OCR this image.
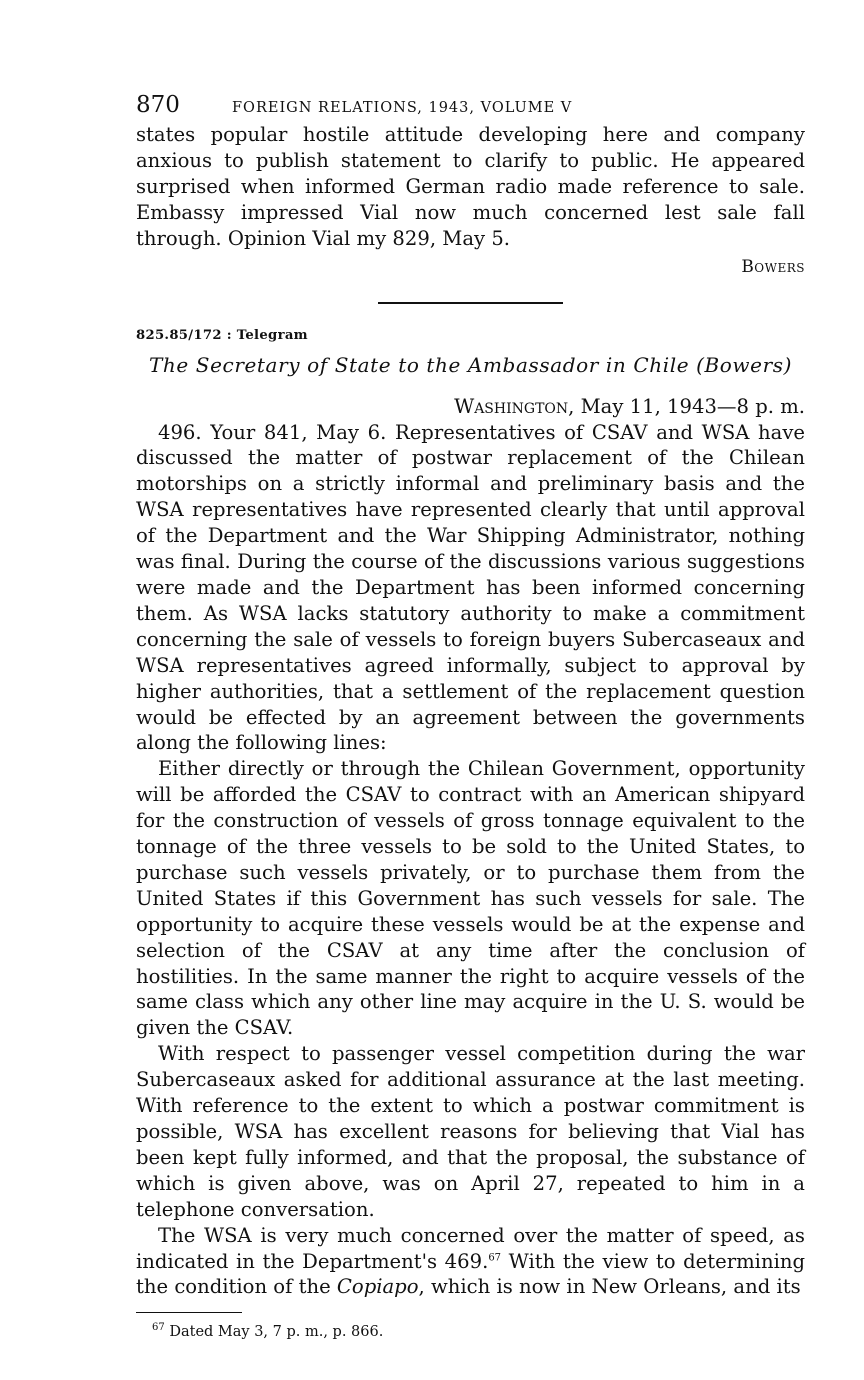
870	FOREIGN RELATIONS, 1943, VOLUME V

states popular hostile attitude developing here and company anxious to publish statement to clarify to public. He appeared surprised when informed German radio made reference to sale. Embassy impressed Vial now much concerned lest sale fall through. Opinion Vial my 829, May 5.

Bowers
825.85/172 : Telegram
The Secretary of State to the Ambassador in Chile (Bowers)
Washington, May 11, 1943—8 p. m.

496. Your 841, May 6. Representatives of CSAV and WSA have discussed the matter of postwar replacement of the Chilean motorships on a strictly informal and preliminary basis and the WSA representatives have represented clearly that until approval of the Department and the War Shipping Administrator, nothing was final. During the course of the discussions various suggestions were made and the Department has been informed concerning them. As WSA lacks statutory authority to make a commitment concerning the sale of vessels to foreign buyers Subercaseaux and WSA representatives agreed informally, subject to approval by higher authorities, that a settlement of the replacement question would be effected by an agreement between the governments along the following lines:

Either directly or through the Chilean Government, opportunity will be afforded the CSAV to contract with an American shipyard for the construction of vessels of gross tonnage equivalent to the tonnage of the three vessels to be sold to the United States, to purchase such vessels privately, or to purchase them from the United States if this Government has such vessels for sale. The opportunity to acquire these vessels would be at the expense and selection of the CSAV at any time after the conclusion of hostilities. In the same manner the right to acquire vessels of the same class which any other line may acquire in the U. S. would be given the CSAV.

With respect to passenger vessel competition during the war Subercaseaux asked for additional assurance at the last meeting. With reference to the extent to which a postwar commitment is possible, WSA has excellent reasons for believing that Vial has been kept fully informed, and that the proposal, the substance of which is given above, was on April 27, repeated to him in a telephone conversation.

The WSA is very much concerned over the matter of speed, as indicated in the Department's 469.67 With the view to determining the condition of the Copiapo, which is now in New Orleans, and its

$^{67}$ Dated May 3, 7 p. m., p. 866.
